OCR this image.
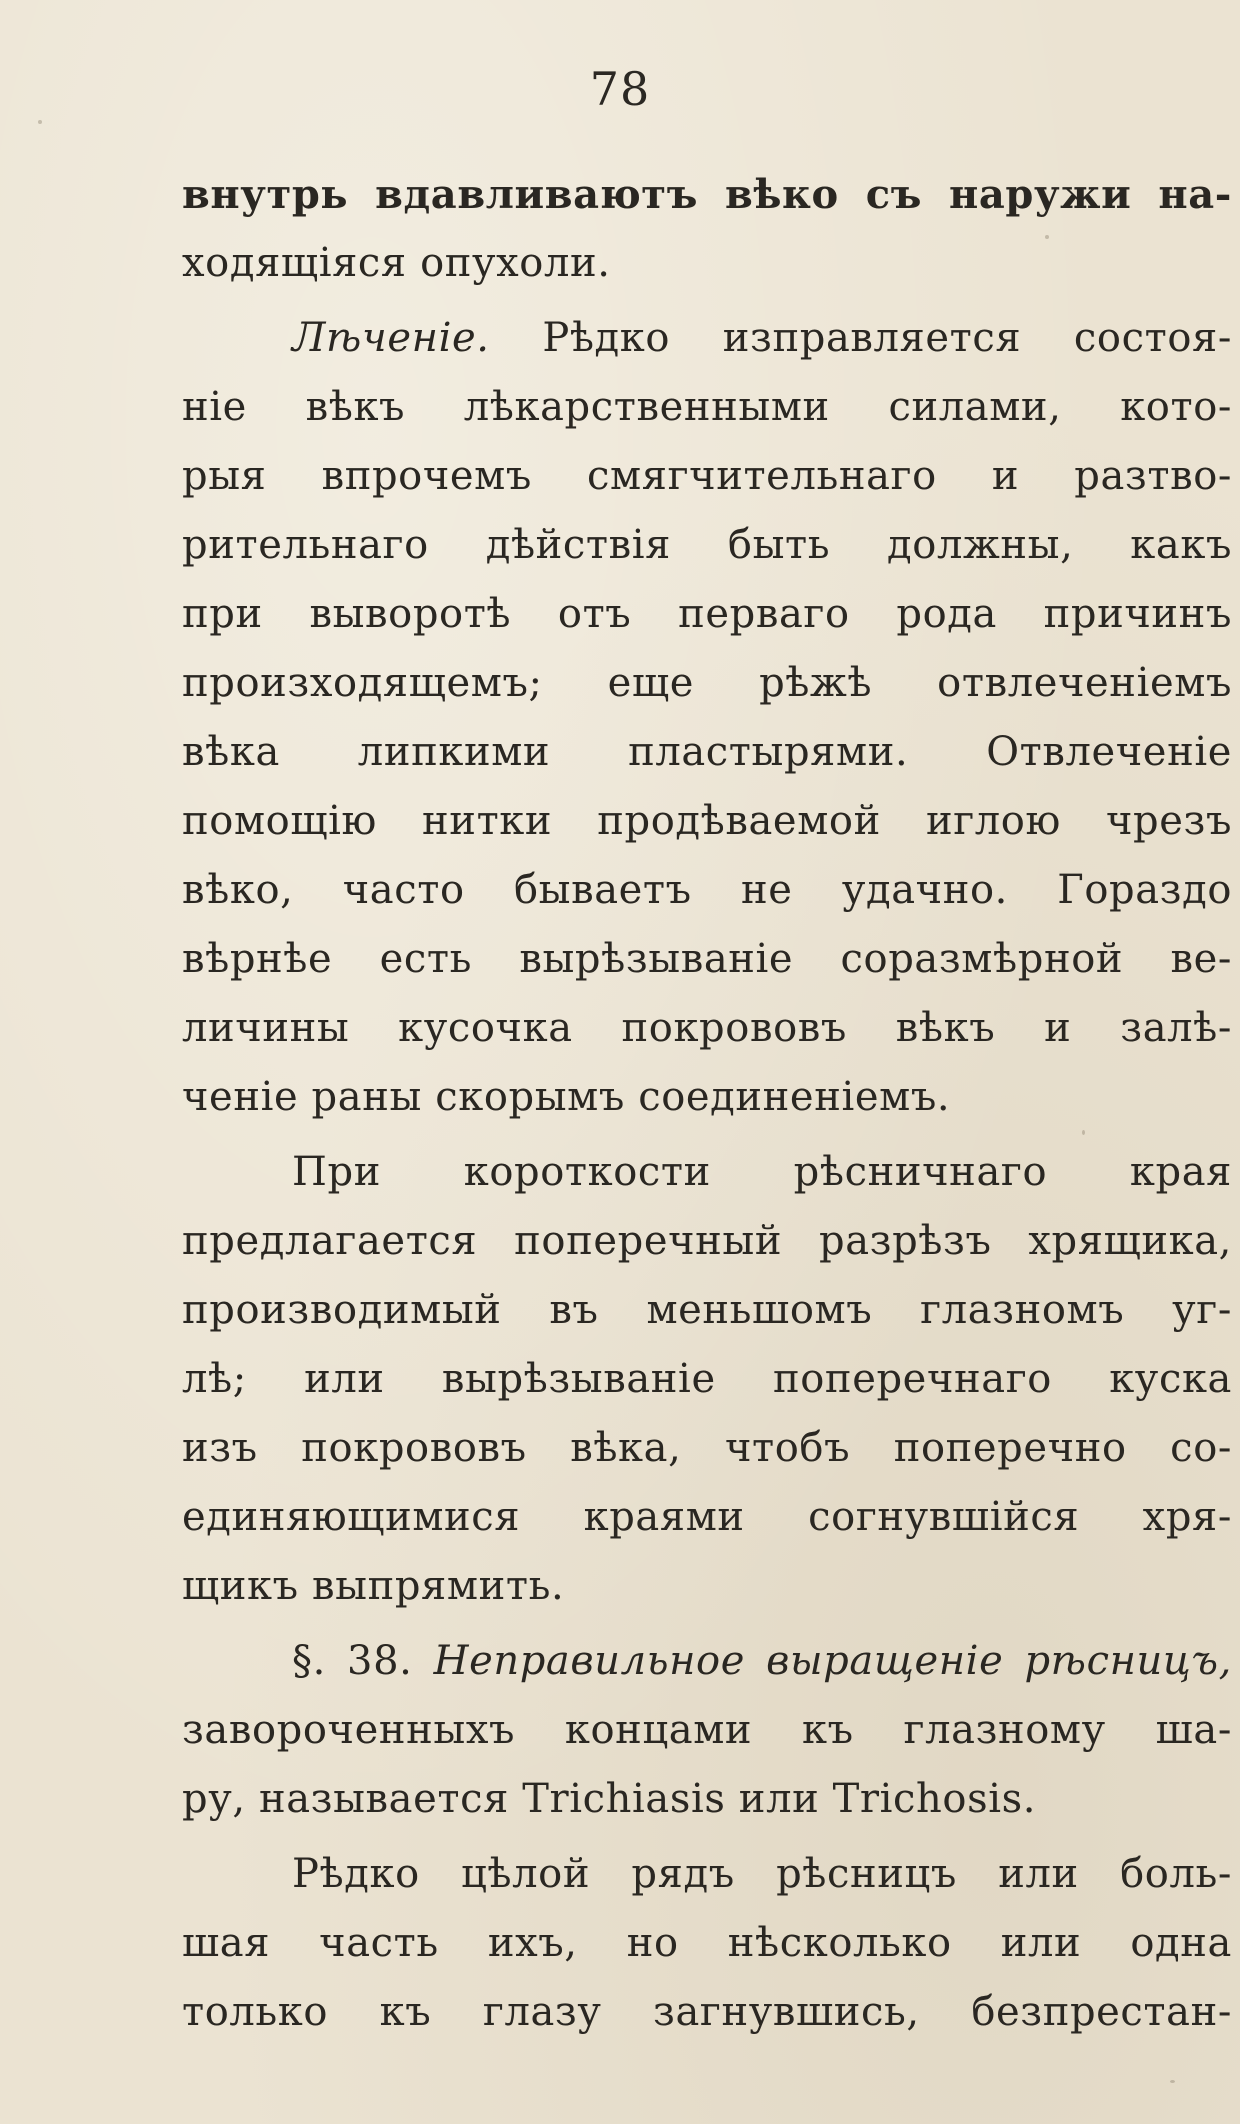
78
внутрь вдавливаютъ вѣко съ наружи на-
ходящіяся опухоли.
Лѣченіе. Рѣдко изправляется состоя-
ніе вѣкъ лѣкарственными силами, кото-
рыя впрочемъ смягчительнаго и разтво-
рительнаго дѣйствія быть должны, какъ
при выворотѣ отъ перваго рода причинъ
произходящемъ; еще рѣжѣ отвлеченіемъ
вѣка липкими пластырями. Отвлеченіе
помощію нитки продѣваемой иглою чрезъ
вѣко, часто бываетъ не удачно. Гораздо
вѣрнѣе есть вырѣзываніе соразмѣрной ве-
личины кусочка покрововъ вѣкъ и залѣ-
ченіе раны скорымъ соединеніемъ.
При короткости рѣсничнаго края
предлагается поперечный разрѣзъ хрящика,
производимый въ меньшомъ глазномъ уг-
лѣ; или вырѣзываніе поперечнаго куска
изъ покрововъ вѣка, чтобъ поперечно со-
единяющимися краями согнувшійся хря-
щикъ выпрямить.
§. 38. Неправильное выращеніе рѣсницъ,
завороченныхъ концами къ глазному ша-
ру, называется Trichiasis или Trichosis.
Рѣдко цѣлой рядъ рѣсницъ или боль-
шая часть ихъ, но нѣсколько или одна
только къ глазу загнувшись, безпрестан-
